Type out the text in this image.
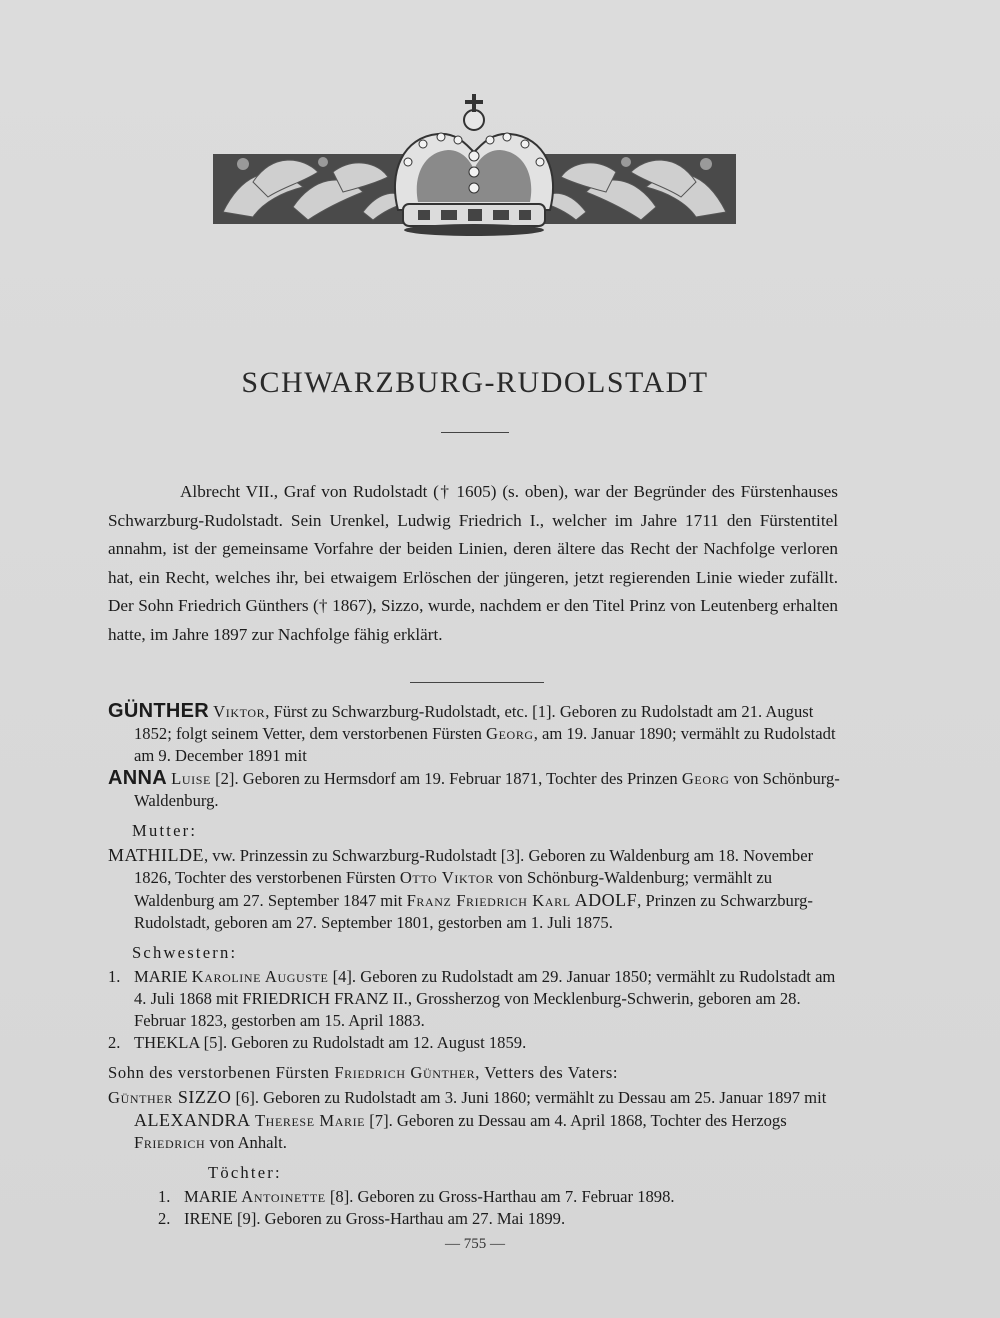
SCHWARZBURG-RUDOLSTADT

Albrecht VII., Graf von Rudolstadt († 1605) (s. oben), war der Begründer des Fürstenhauses Schwarzburg-Rudolstadt. Sein Urenkel, Ludwig Friedrich I., welcher im Jahre 1711 den Fürstentitel annahm, ist der gemeinsame Vorfahre der beiden Linien, deren ältere das Recht der Nachfolge verloren hat, ein Recht, welches ihr, bei etwaigem Erlöschen der jüngeren, jetzt regierenden Linie wieder zufällt. Der Sohn Friedrich Günthers († 1867), Sizzo, wurde, nachdem er den Titel Prinz von Leutenberg erhalten hatte, im Jahre 1897 zur Nachfolge fähig erklärt.

GÜNTHER Viktor, Fürst zu Schwarzburg-Rudolstadt, etc. [1]. Geboren zu Rudolstadt am 21. August 1852; folgt seinem Vetter, dem verstorbenen Fürsten Georg, am 19. Januar 1890; vermählt zu Rudolstadt am 9. December 1891 mit

ANNA Luise [2]. Geboren zu Hermsdorf am 19. Februar 1871, Tochter des Prinzen Georg von Schönburg-Waldenburg.

Mutter:

MATHILDE, vw. Prinzessin zu Schwarzburg-Rudolstadt [3]. Geboren zu Waldenburg am 18. November 1826, Tochter des verstorbenen Fürsten Otto Viktor von Schönburg-Waldenburg; vermählt zu Waldenburg am 27. September 1847 mit Franz Friedrich Karl ADOLF, Prinzen zu Schwarzburg-Rudolstadt, geboren am 27. September 1801, gestorben am 1. Juli 1875.

Schwestern:

1. MARIE Karoline Auguste [4]. Geboren zu Rudolstadt am 29. Januar 1850; vermählt zu Rudolstadt am 4. Juli 1868 mit FRIEDRICH FRANZ II., Grossherzog von Mecklenburg-Schwerin, geboren am 28. Februar 1823, gestorben am 15. April 1883.

2. THEKLA [5]. Geboren zu Rudolstadt am 12. August 1859.

Sohn des verstorbenen Fürsten Friedrich Günther, Vetters des Vaters:

Günther SIZZO [6]. Geboren zu Rudolstadt am 3. Juni 1860; vermählt zu Dessau am 25. Januar 1897 mit ALEXANDRA Therese Marie [7]. Geboren zu Dessau am 4. April 1868, Tochter des Herzogs Friedrich von Anhalt.

Töchter:

1. MARIE Antoinette [8]. Geboren zu Gross-Harthau am 7. Februar 1898.

2. IRENE [9]. Geboren zu Gross-Harthau am 27. Mai 1899.

— 755 —
